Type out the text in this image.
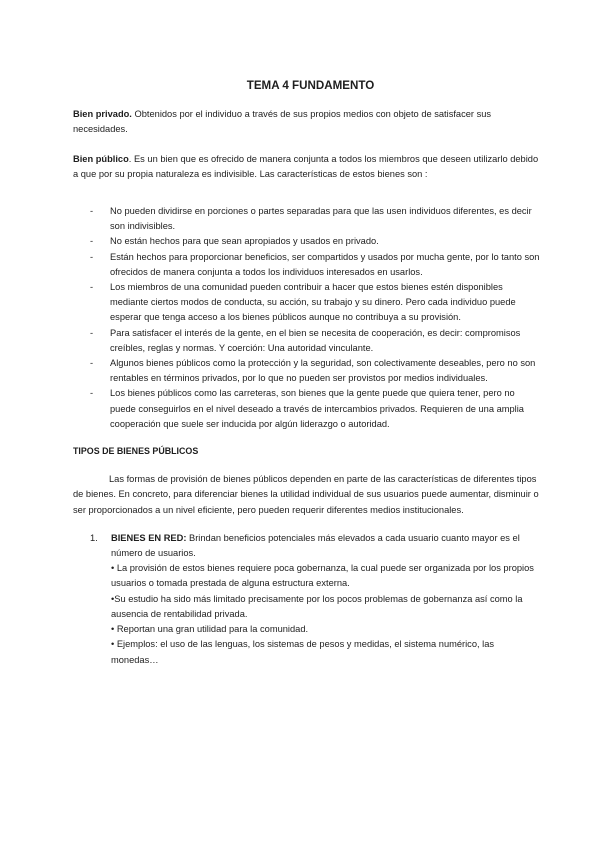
TEMA 4 FUNDAMENTO

Bien privado. Obtenidos por el individuo a través de sus propios medios con objeto de satisfacer sus necesidades.

Bien público. Es un bien que es ofrecido de manera conjunta a todos los miembros que deseen utilizarlo debido a que por su propia naturaleza es indivisible. Las características de estos bienes son :

- No pueden dividirse en porciones o partes separadas para que las usen individuos diferentes, es decir son indivisibles.
- No están hechos para que sean apropiados y usados en privado.
- Están hechos para proporcionar beneficios, ser compartidos y usados por mucha gente, por lo tanto son ofrecidos de manera conjunta a todos los individuos interesados en usarlos.
- Los miembros de una comunidad pueden contribuir a hacer que estos bienes estén disponibles mediante ciertos modos de conducta, su acción, su trabajo y su dinero. Pero cada individuo puede esperar que tenga acceso a los bienes públicos aunque no contribuya a su provisión.
- Para satisfacer el interés de la gente, en el bien se necesita de cooperación, es decir: compromisos creíbles, reglas y normas. Y coerción: Una autoridad vinculante.
- Algunos bienes públicos como la protección y la seguridad, son colectivamente deseables, pero no son rentables en términos privados, por lo que no pueden ser provistos por medios individuales.
- Los bienes públicos como las carreteras, son bienes que la gente puede que quiera tener, pero no puede conseguirlos en el nivel deseado a través de intercambios privados. Requieren de una amplia cooperación que suele ser inducida por algún liderazgo o autoridad.
TIPOS DE BIENES PÚBLICOS

Las formas de provisión de bienes públicos dependen en parte de las características de diferentes tipos de bienes. En concreto, para diferenciar bienes la utilidad individual de sus usuarios puede aumentar, disminuir o ser proporcionados a un nivel eficiente, pero pueden requerir diferentes medios institucionales.

1. BIENES EN RED: Brindan beneficios potenciales más elevados a cada usuario cuanto mayor es el número de usuarios.
• La provisión de estos bienes requiere poca gobernanza, la cual puede ser organizada por los propios usuarios o tomada prestada de alguna estructura externa.
•Su estudio ha sido más limitado precisamente por los pocos problemas de gobernanza así como la ausencia de rentabilidad privada.
• Reportan una gran utilidad para la comunidad.
• Ejemplos: el uso de las lenguas, los sistemas de pesos y medidas, el sistema numérico, las monedas…
